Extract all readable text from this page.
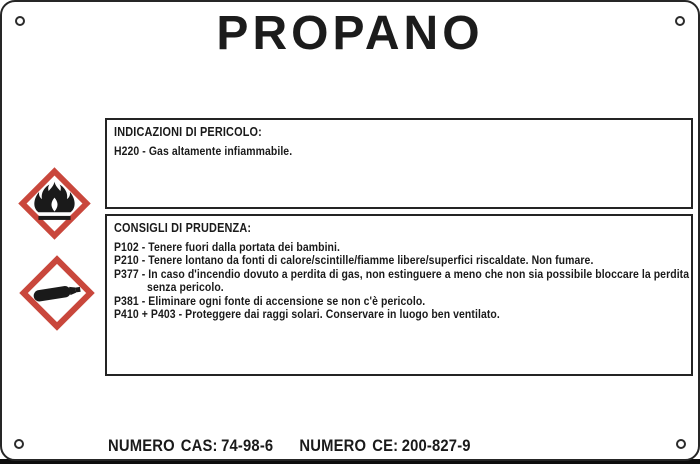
PROPANO
INDICAZIONI DI PERICOLO:
H220 - Gas altamente infiammabile.
CONSIGLI DI PRUDENZA:
P102 - Tenere fuori dalla portata dei bambini.
P210 - Tenere lontano da fonti di calore/scintille/fiamme libere/superfici riscaldate. Non fumare.
P377 - In caso d'incendio dovuto a perdita di gas, non estinguere a meno che non sia possibile bloccare la perdita senza pericolo.
P381 - Eliminare ogni fonte di accensione se non c'è pericolo.
P410 + P403 - Proteggere dai raggi solari. Conservare in luogo ben ventilato.
NUMERO CAS: 74-98-6 NUMERO CE: 200-827-9
